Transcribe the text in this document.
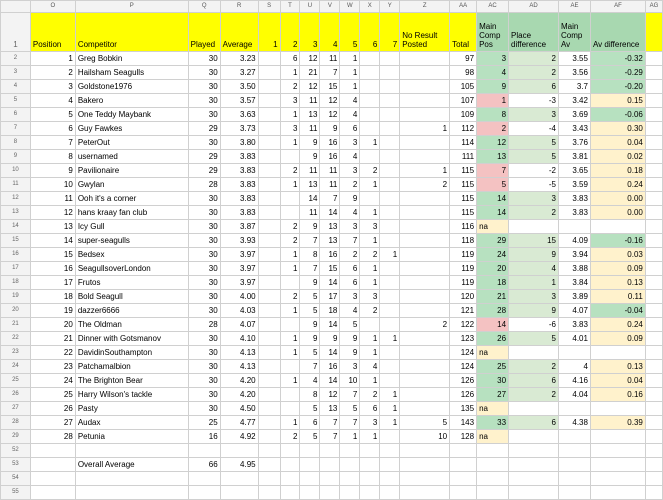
	O	P	Q	R	S	T	U	V	W	X	Y	Z	AA	AC	AD	AE	AF	AG
1	Position	Competitor	Played	Average	1	2	3	4	5	6	7	No Result Posted	Total	Main Comp Pos	Place difference	Main Comp Av	Av difference	
2	1	Greg Bobkin	30	3.23		6	12	11	1				97	3	2	3.55	-0.32	
3	2	Hailsham Seagulls	30	3.27		1	21	7	1				98	4	2	3.56	-0.29	
4	3	Goldstone1976	30	3.50		2	12	15	1				105	9	6	3.7	-0.20	
5	4	Bakero	30	3.57		3	11	12	4				107	1	-3	3.42	0.15	
6	5	One Teddy Maybank	30	3.63		1	13	12	4				109	8	3	3.69	-0.06	
7	6	Guy Fawkes	29	3.73		3	11	9	6			1	112	2	-4	3.43	0.30	
8	7	PeterOut	30	3.80		1	9	16	3	1			114	12	5	3.76	0.04	
9	8	usernamed	29	3.83			9	16	4				111	13	5	3.81	0.02	
10	9	Pavilionaire	29	3.83		2	11	11	3	2		1	115	7	-2	3.65	0.18	
11	10	Gwylan	28	3.83		1	13	11	2	1		2	115	5	-5	3.59	0.24	
12	11	Ooh it's a corner	30	3.83			14	7	9				115	14	3	3.83	0.00	
13	12	hans kraay fan club	30	3.83			11	14	4	1			115	14	2	3.83	0.00	
14	13	Icy Gull	30	3.87		2	9	13	3	3			116	na				
15	14	super-seagulls	30	3.93		2	7	13	7	1			118	29	15	4.09	-0.16	
16	15	Bedsex	30	3.97		1	8	16	2	2	1		119	24	9	3.94	0.03	
17	16	SeagullsoverLondon	30	3.97		1	7	15	6	1			119	20	4	3.88	0.09	
18	17	Frutos	30	3.97			9	14	6	1			119	18	1	3.84	0.13	
19	18	Bold Seagull	30	4.00		2	5	17	3	3			120	21	3	3.89	0.11	
20	19	dazzer6666	30	4.03		1	5	18	4	2			121	28	9	4.07	-0.04	
21	20	The Oldman	28	4.07			9	14	5			2	122	14	-6	3.83	0.24	
22	21	Dinner with Gotsmanov	30	4.10		1	9	9	9	1	1		123	26	5	4.01	0.09	
23	22	DavidinSouthampton	30	4.13		1	5	14	9	1			124	na				
24	23	Patchamalbion	30	4.13			7	16	3	4			124	25	2	4	0.13	
25	24	The Brighton Bear	30	4.20		1	4	14	10	1			126	30	6	4.16	0.04	
26	25	Harry Wilson's tackle	30	4.20			8	12	7	2	1		126	27	2	4.04	0.16	
27	26	Pasty	30	4.50			5	13	5	6	1		135	na				
28	27	Audax	25	4.77		1	6	7	7	3	1	5	143	33	6	4.38	0.39	
29	28	Petunia	16	4.92		2	5	7	1	1		10	128	na				
52																		
53		Overall Average	66	4.95														
54																		
55																		
